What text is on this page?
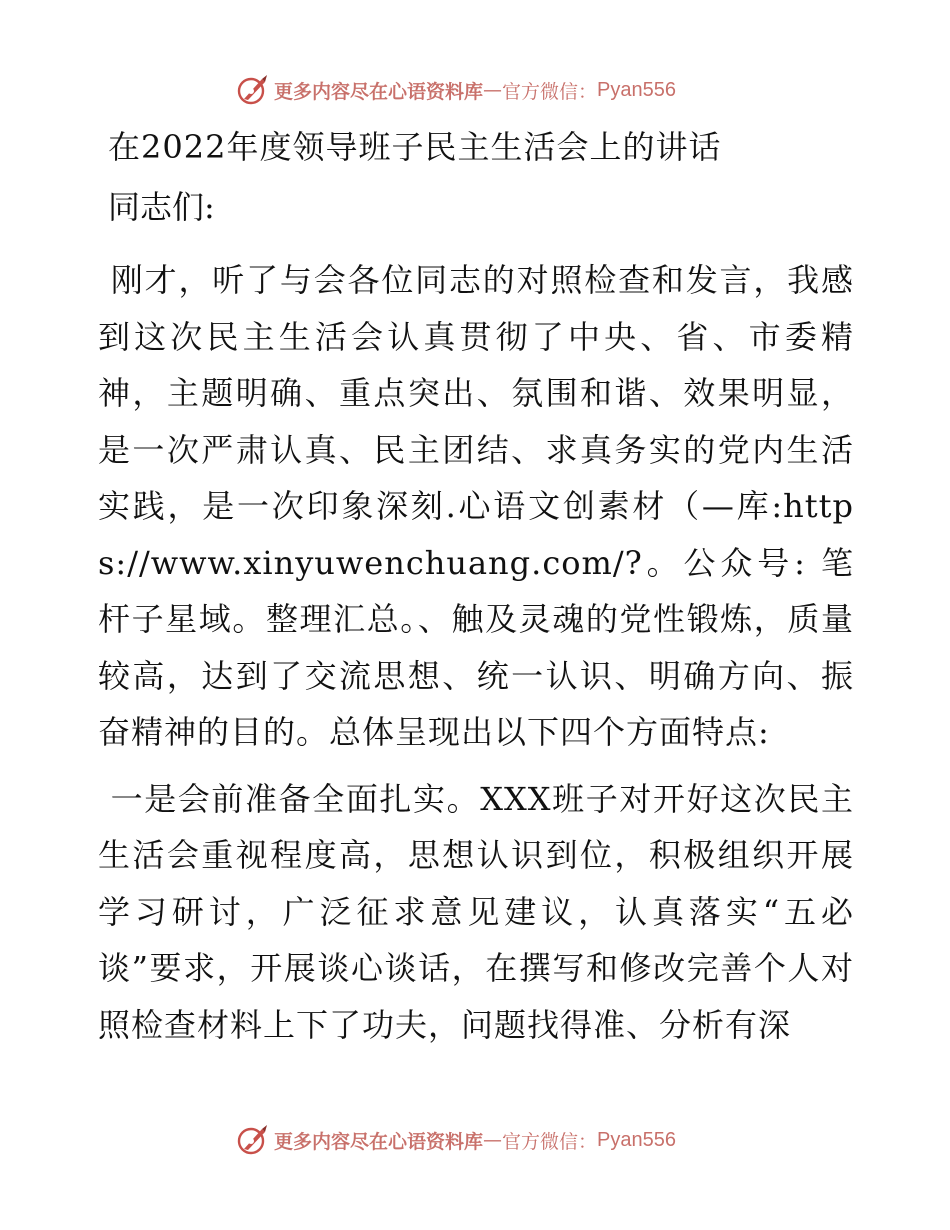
更多内容尽在心语资料库 — 官方微信： Pyan556
在2022年度领导班子民主生活会上的讲话
同志们:
刚才，听了与会各位同志的对照检查和发言，我感到这次民主生活会认真贯彻了中央、省、市委精神，主题明确、重点突出、氛围和谐、效果明显，是一次严肃认真、民主团结、求真务实的党内生活实践，是一次印象深刻.心语文创素材（—库:https://www.xinyuwenchuang.com/?。公众号: 笔杆子星域。整理汇总。、触及灵魂的党性锻炼，质量较高，达到了交流思想、统一认识、明确方向、振奋精神的目的。总体呈现出以下四个方面特点:
一是会前准备全面扎实。XXX班子对开好这次民主生活会重视程度高，思想认识到位，积极组织开展学习研讨，广泛征求意见建议，认真落实“五必谈”要求，开展谈心谈话，在撰写和修改完善个人对照检查材料上下了功夫，问题找得准、分析有深
更多内容尽在心语资料库 — 官方微信： Pyan556
